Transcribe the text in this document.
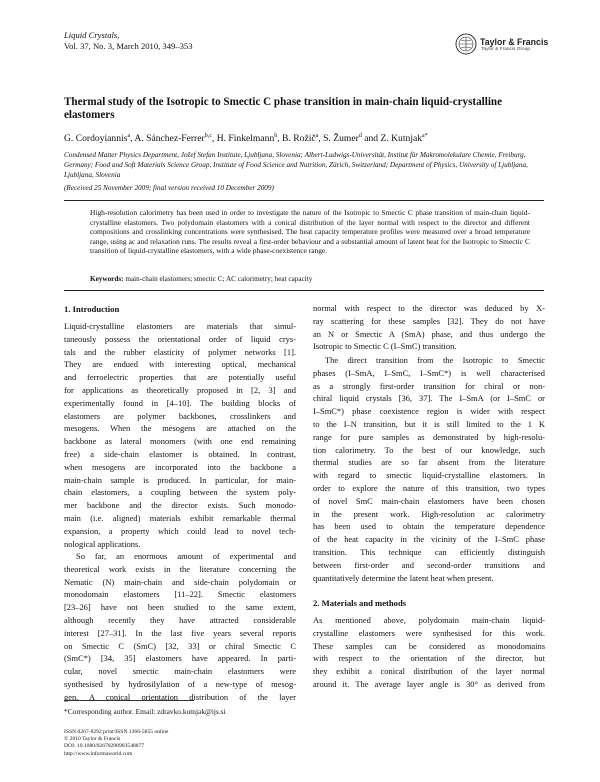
Liquid Crystals,
Vol. 37, No. 3, March 2010, 349–353	Taylor & Francis
Taylor & Francis Group
Thermal study of the Isotropic to Smectic C phase transition in main-chain liquid-crystalline elastomers
G. Cordoyiannis$^a$, A. Sánchez-Ferrer$^{b,c}$, H. Finkelmann$^b$, B. Rožič$^a$, S. Žumer$^d$ and Z. Kutnjak$^{a*}$
Condensed Matter Physics Department, Jožef Stefan Institute, Ljubljana, Slovenia; Albert-Ludwigs-Universität, Institut für Makromolekulare Chemie, Freiburg, Germany; Food and Soft Materials Science Group, Institute of Food Science and Nutrition, Zürich, Switzerland; Department of Physics, University of Ljubljana, Ljubljana, Slovenia
(Received 25 November 2009; final version received 10 December 2009)
High-resolution calorimetry has been used in order to investigate the nature of the Isotropic to Smectic C phase transition of main-chain liquid-crystalline elastomers. Two polydomain elastomers with a conical distribution of the layer normal with respect to the director and different compositions and crosslinking concentrations were synthesised. The heat capacity temperature profiles were measured over a broad temperature range, using ac and relaxation runs. The results reveal a first-order behaviour and a substantial amount of latent heat for the Isotropic to Smectic C transition of liquid-crystalline elastomers, with a wide phase-coexistence range.
Keywords: main-chain elastomers; smectic C; AC calorimetry; heat capacity
1. Introduction
Liquid-crystalline elastomers are materials that simul-
taneously possess the orientational order of liquid crys-
tals and the rubber elasticity of polymer networks [1].
They are endued with interesting optical, mechanical
and ferroelectric properties that are potentially useful
for applications as theoretically proposed in [2, 3] and
experimentally found in [4–10]. The building blocks of
elastomers are polymer backbones, crosslinkers and
mesogens. When the mesogens are attached on the
backbone as lateral monomers (with one end remaining
free) a side-chain elastomer is obtained. In contrast,
when mesogens are incorporated into the backbone a
main-chain sample is produced. In particular, for main-
chain elastomers, a coupling between the system poly-
mer backbone and the director exists. Such monodo-
main (i.e. aligned) materials exhibit remarkable thermal
expansion, a property which could lead to novel tech-
nological applications.
So far, an enormous amount of experimental and
theoretical work exists in the literature concerning the
Nematic (N) main-chain and side-chain polydomain or
monodomain elastomers [11–22]. Smectic elastomers
[23–26] have not been studied to the same extent,
although recently they have attracted considerable
interest [27–31]. In the last five years several reports
on Smectic C (SmC) [32, 33] or chiral Smectic C
(SmC*) [34, 35] elastomers have appeared. In parti-
cular, novel smectic main-chain elastomers were
synthesised by hydrosilylation of a new-type of mesog-
gen. A conical orientation distribution of the layer
normal with respect to the director was deduced by X-
ray scattering for these samples [32]. They do not have
an N or Smectic A (SmA) phase, and thus undergo the
Isotropic to Smectic C (I–SmC) transition.
The direct transition from the Isotropic to Smectic
phases (I–SmA, I–SmC, I–SmC*) is well characterised
as a strongly first-order transition for chiral or non-
chiral liquid crystals [36, 37]. The I–SmA (or I–SmC or
I–SmC*) phase coexistence region is wider with respect
to the I–N transition, but it is still limited to the 1 K
range for pure samples as demonstrated by high-resolu-
tion calorimetry. To the best of our knowledge, such
thermal studies are so far absent from the literature
with regard to smectic liquid-crystalline elastomers. In
order to explore the nature of this transition, two types
of novel SmC main-chain elastomers have been chosen
in the present work. High-resolution ac calorimetry
has been used to obtain the temperature dependence
of the heat capacity in the vicinity of the I–SmC phase
transition. This technique can efficiently distinguish
between first-order and second-order transitions and
quantitatively determine the latent heat when present.
2. Materials and methods
As mentioned above, polydomain main-chain liquid-
crystalline elastomers were synthesised for this work.
These samples can be considered as monodomains
with respect to the orientation of the director, but
they exhibit a conical distribution of the layer normal
around it. The average layer angle is 30° as derived from
*Corresponding author. Email: zdravko.kutnjak@ijs.si
ISSN 0267-8292 print/ISSN 1366-5855 online
© 2010 Taylor & Francis
DOI: 10.1080/02678290903548877
http://www.informaworld.com
